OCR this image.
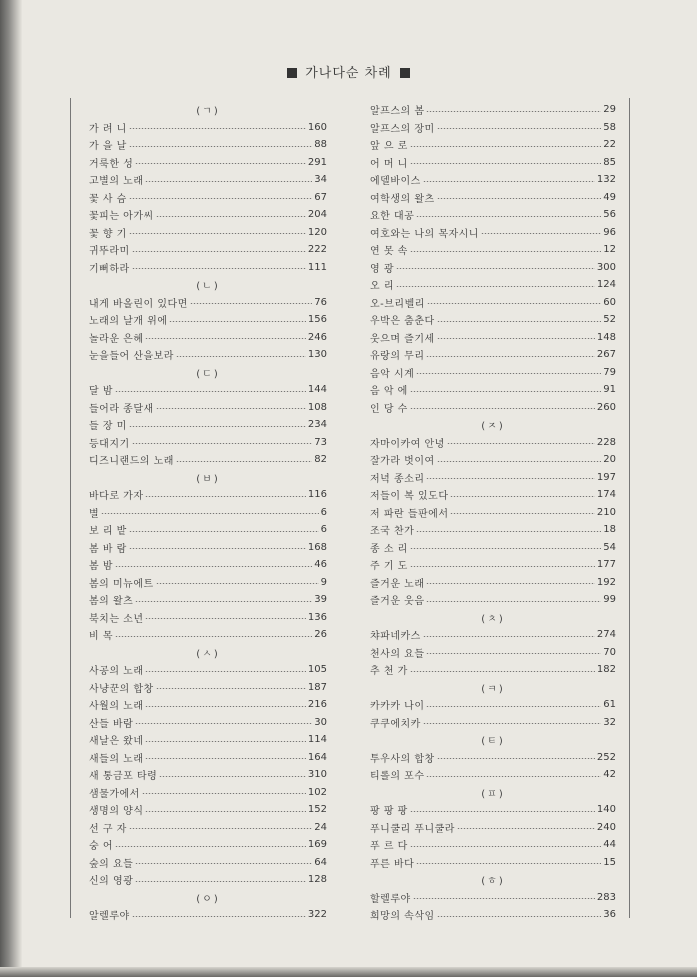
가나다순 차례
(ㄱ)
가 려 니	160
가 을 날	88
거룩한 성	291
고별의 노래	34
꽃 사 슴	67
꽃피는 아가씨	204
꽃 향 기	120
귀뚜라미	222
기뻐하라	111
(ㄴ)
내게 바올린이 있다면	76
노래의 날개 위에	156
놀라운 은혜	246
눈을들어 산을보라	130
(ㄷ)
달 밤	144
들어라 종달새	108
들 장 미	234
등대지기	73
디즈니랜드의 노래	82
(ㅂ)
바다로 가자	116
별	6
보 리 밭	6
봄 바 람	168
봄 밤	46
봄의 미뉴에트	9
봄의 왈츠	39
북치는 소년	136
비 목	26
(ㅅ)
사공의 노래	105
사냥꾼의 합창	187
사월의 노래	216
산들 바람	30
새날은 왔네	114
새들의 노래	164
새 통금포 타령	310
샘물가에서	102
생명의 양식	152
선 구 자	24
숭 어	169
숲의 요들	64
신의 영광	128
(ㅇ)
알렐루야	322
알프스의 봄	29
알프스의 장미	58
앞 으 로	22
어 머 니	85
에델바이스	132
여학생의 왈츠	49
요한 대공	56
여호와는 나의 목자시니	96
연 못 속	12
영 광	300
오 리	124
오-브리벨리	60
우박은 춤춘다	52
웃으며 즐기세	148
유랑의 무리	267
음악 시계	79
음 악 에	91
인 당 수	260
(ㅈ)
자마이카여 안녕	228
잘가라 벗이여	20
저녁 종소리	197
저들이 복 있도다	174
저 파란 들판에서	210
조국 찬가	18
종 소 리	54
주 기 도	177
즐거운 노래	192
즐거운 웃음	99
(ㅊ)
챠파네카스	274
천사의 요들	70
추 천 가	182
(ㅋ)
카카카 나이	61
쿠쿠에치카	32
(ㅌ)
투우사의 합창	252
티롤의 포수	42
(ㅍ)
팡 팡 팡	140
푸니쿨리 푸니쿨라	240
푸 르 다	44
푸른 바다	15
(ㅎ)
할렐루야	283
희망의 속삭임	36
